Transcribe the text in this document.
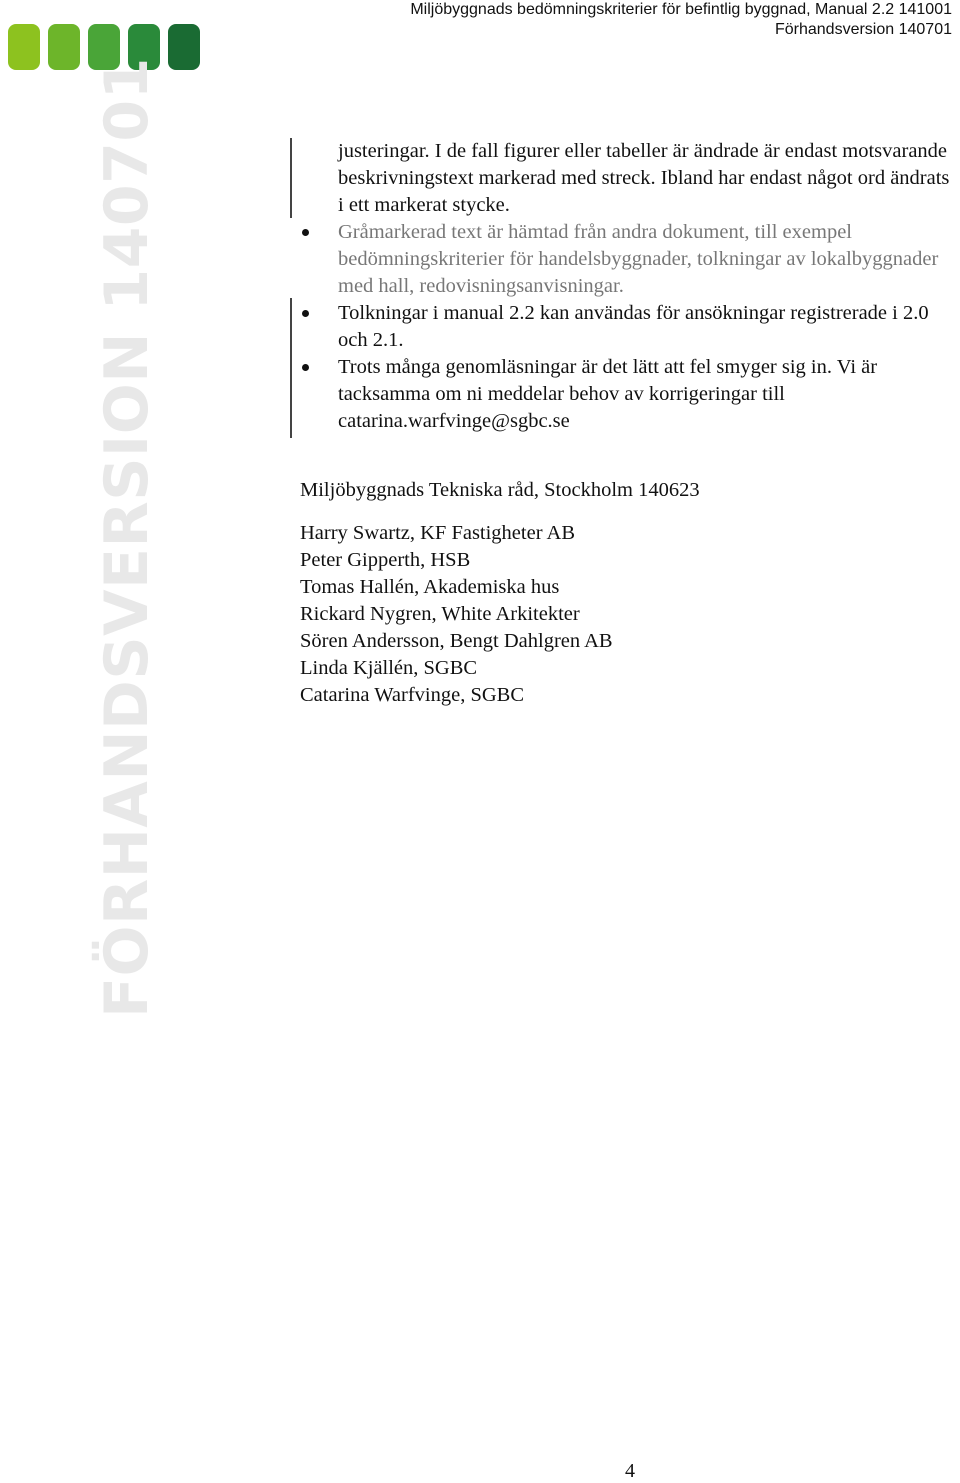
Miljöbyggnads bedömningskriterier för befintlig byggnad, Manual 2.2 141001
Förhandsversion 140701
FÖRHANDSVERSION 140701	justeringar. I de fall figurer eller tabeller är ändrade är endast motsvarande beskrivningstext markerad med streck. Ibland har endast något ord ändrats i ett markerat stycke.

Gråmarkerad text är hämtad från andra dokument, till exempel bedömningskriterier för handelsbyggnader, tolkningar av lokalbyggnader med hall, redovisningsanvisningar.
Tolkningar i manual 2.2 kan användas för ansökningar registrerade i 2.0 och 2.1.
Trots många genomläsningar är det lätt att fel smyger sig in. Vi är tacksamma om ni meddelar behov av korrigeringar till catarina.warfvinge@sgbc.se
Miljöbyggnads Tekniska råd, Stockholm 140623
Harry Swartz, KF Fastigheter AB
Peter Gipperth, HSB
Tomas Hallén, Akademiska hus
Rickard Nygren, White Arkitekter
Sören Andersson, Bengt Dahlgren AB
Linda Kjällén, SGBC
Catarina Warfvinge, SGBC
4
